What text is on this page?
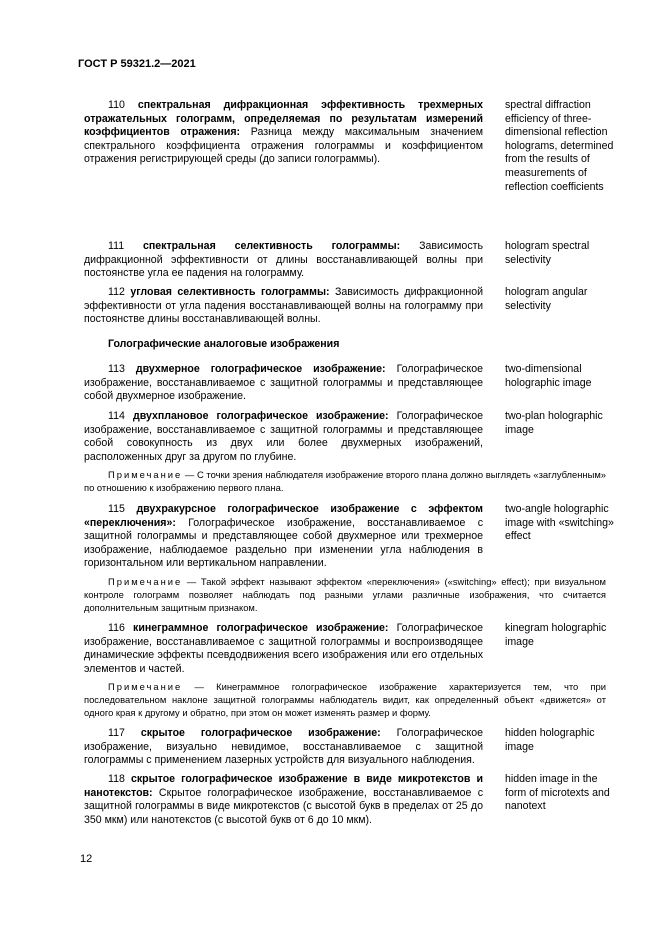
ГОСТ Р 59321.2—2021
110 спектральная дифракционная эффективность трехмерных отражательных голограмм, определяемая по результатам измерений коэффициентов отражения: Разница между максимальным значением спектрального коэффициента отражения голограммы и коэффициентом отражения регистрирующей среды (до записи голограммы).
spectral diffraction efficiency of three-dimensional reflection holograms, determined from the results of measurements of reflection coefficients
111 спектральная селективность голограммы: Зависимость дифракционной эффективности от длины восстанавливающей волны при постоянстве угла ее падения на голограмму.
hologram spectral selectivity
112 угловая селективность голограммы: Зависимость дифракционной эффективности от угла падения восстанавливающей волны на голограмму при постоянстве длины восстанавливающей волны.
hologram angular selectivity
Голографические аналоговые изображения
113 двухмерное голографическое изображение: Голографическое изображение, восстанавливаемое с защитной голограммы и представляющее собой двухмерное изображение.
two-dimensional holographic image
114 двухплановое голографическое изображение: Голографическое изображение, восстанавливаемое с защитной голограммы и представляющее собой совокупность из двух или более двухмерных изображений, расположенных друг за другом по глубине.
two-plan holographic image
Примечание — С точки зрения наблюдателя изображение второго плана должно выглядеть «заглубленным» по отношению к изображению первого плана.
115 двухракурсное голографическое изображение с эффектом «переключения»: Голографическое изображение, восстанавливаемое с защитной голограммы и представляющее собой двухмерное или трехмерное изображение, наблюдаемое раздельно при изменении угла наблюдения в горизонтальном или вертикальном направлении.
two-angle holographic image with «switching» effect
Примечание — Такой эффект называют эффектом «переключения» («switching» effect); при визуальном контроле голограмм позволяет наблюдать под разными углами различные изображения, что считается дополнительным защитным признаком.
116 кинеграммное голографическое изображение: Голографическое изображение, восстанавливаемое с защитной голограммы и воспроизводящее динамические эффекты псевдодвижения всего изображения или его отдельных элементов и частей.
kinegram holographic image
Примечание — Кинеграммное голографическое изображение характеризуется тем, что при последовательном наклоне защитной голограммы наблюдатель видит, как определенный объект «движется» от одного края к другому и обратно, при этом он может изменять размер и форму.
117 скрытое голографическое изображение: Голографическое изображение, визуально невидимое, восстанавливаемое с защитной голограммы с применением лазерных устройств для визуального наблюдения.
hidden holographic image
118 скрытое голографическое изображение в виде микротекстов и нанотекстов: Скрытое голографическое изображение, восстанавливаемое с защитной голограммы в виде микротекстов (с высотой букв в пределах от 25 до 350 мкм) или нанотекстов (с высотой букв от 6 до 10 мкм).
hidden image in the form of microtexts and nanotext
12
